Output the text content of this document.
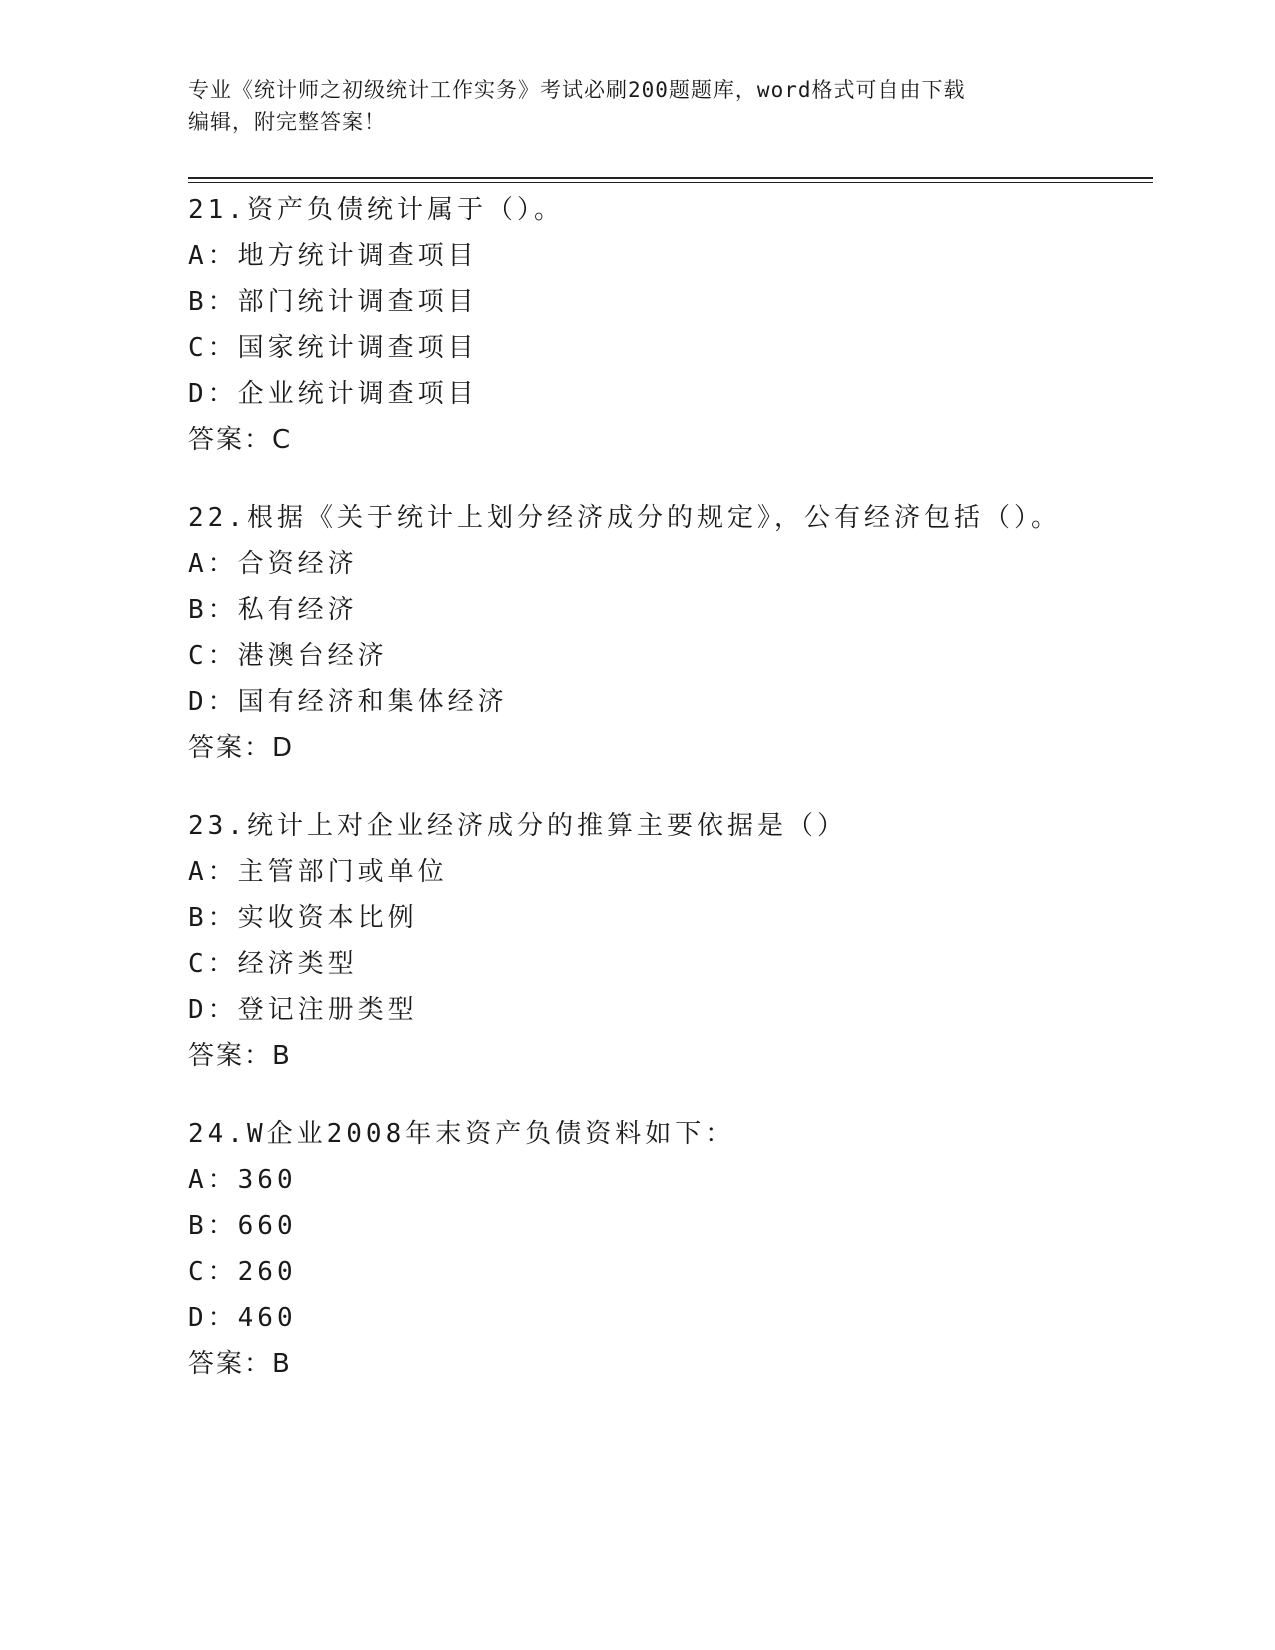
专业《统计师之初级统计工作实务》考试必刷200题题库，word格式可自由下载
编辑，附完整答案！
21.资产负债统计属于（）。
A：地方统计调查项目
B：部门统计调查项目
C：国家统计调查项目
D：企业统计调查项目
答案：C
22.根据《关于统计上划分经济成分的规定》，公有经济包括（）。
A：合资经济
B：私有经济
C：港澳台经济
D：国有经济和集体经济
答案：D
23.统计上对企业经济成分的推算主要依据是（）
A：主管部门或单位
B：实收资本比例
C：经济类型
D：登记注册类型
答案：B
24.W企业2008年末资产负债资料如下：
A：360
B：660
C：260
D：460
答案：B
